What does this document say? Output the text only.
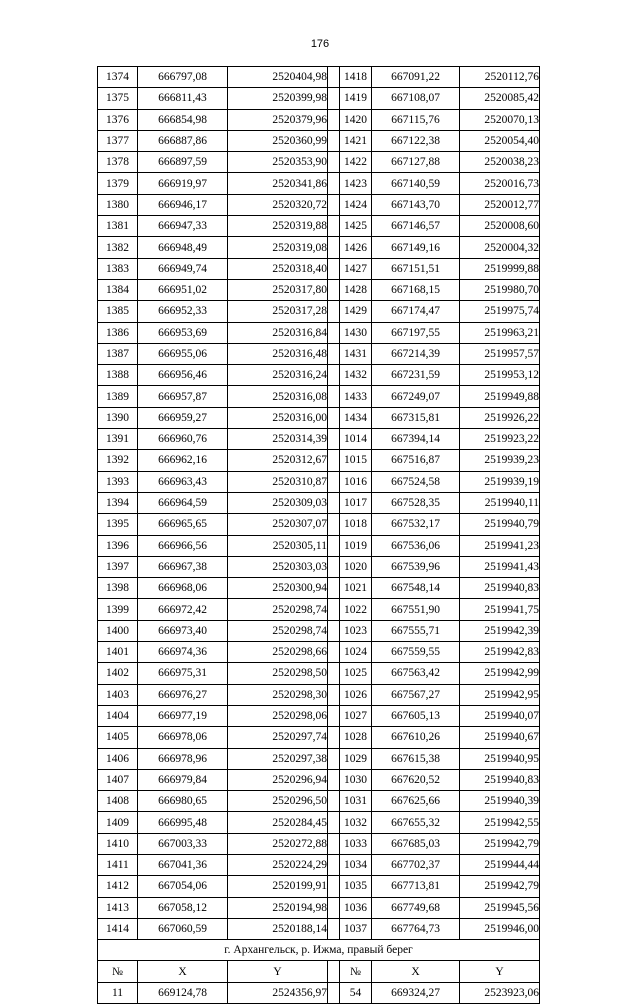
176
1374	666797,08	2520404,98		1418	667091,22	2520112,76
1375	666811,43	2520399,98		1419	667108,07	2520085,42
1376	666854,98	2520379,96		1420	667115,76	2520070,13
1377	666887,86	2520360,99		1421	667122,38	2520054,40
1378	666897,59	2520353,90		1422	667127,88	2520038,23
1379	666919,97	2520341,86		1423	667140,59	2520016,73
1380	666946,17	2520320,72		1424	667143,70	2520012,77
1381	666947,33	2520319,88		1425	667146,57	2520008,60
1382	666948,49	2520319,08		1426	667149,16	2520004,32
1383	666949,74	2520318,40		1427	667151,51	2519999,88
1384	666951,02	2520317,80		1428	667168,15	2519980,70
1385	666952,33	2520317,28		1429	667174,47	2519975,74
1386	666953,69	2520316,84		1430	667197,55	2519963,21
1387	666955,06	2520316,48		1431	667214,39	2519957,57
1388	666956,46	2520316,24		1432	667231,59	2519953,12
1389	666957,87	2520316,08		1433	667249,07	2519949,88
1390	666959,27	2520316,00		1434	667315,81	2519926,22
1391	666960,76	2520314,39		1014	667394,14	2519923,22
1392	666962,16	2520312,67		1015	667516,87	2519939,23
1393	666963,43	2520310,87		1016	667524,58	2519939,19
1394	666964,59	2520309,03		1017	667528,35	2519940,11
1395	666965,65	2520307,07		1018	667532,17	2519940,79
1396	666966,56	2520305,11		1019	667536,06	2519941,23
1397	666967,38	2520303,03		1020	667539,96	2519941,43
1398	666968,06	2520300,94		1021	667548,14	2519940,83
1399	666972,42	2520298,74		1022	667551,90	2519941,75
1400	666973,40	2520298,74		1023	667555,71	2519942,39
1401	666974,36	2520298,66		1024	667559,55	2519942,83
1402	666975,31	2520298,50		1025	667563,42	2519942,99
1403	666976,27	2520298,30		1026	667567,27	2519942,95
1404	666977,19	2520298,06		1027	667605,13	2519940,07
1405	666978,06	2520297,74		1028	667610,26	2519940,67
1406	666978,96	2520297,38		1029	667615,38	2519940,95
1407	666979,84	2520296,94		1030	667620,52	2519940,83
1408	666980,65	2520296,50		1031	667625,66	2519940,39
1409	666995,48	2520284,45		1032	667655,32	2519942,55
1410	667003,33	2520272,88		1033	667685,03	2519942,79
1411	667041,36	2520224,29		1034	667702,37	2519944,44
1412	667054,06	2520199,91		1035	667713,81	2519942,79
1413	667058,12	2520194,98		1036	667749,68	2519945,56
1414	667060,59	2520188,14		1037	667764,73	2519946,00
г. Архангельск, р. Ижма, правый берег						
№	X	Y		№	X	Y
11	669124,78	2524356,97		54	669324,27	2523923,06
